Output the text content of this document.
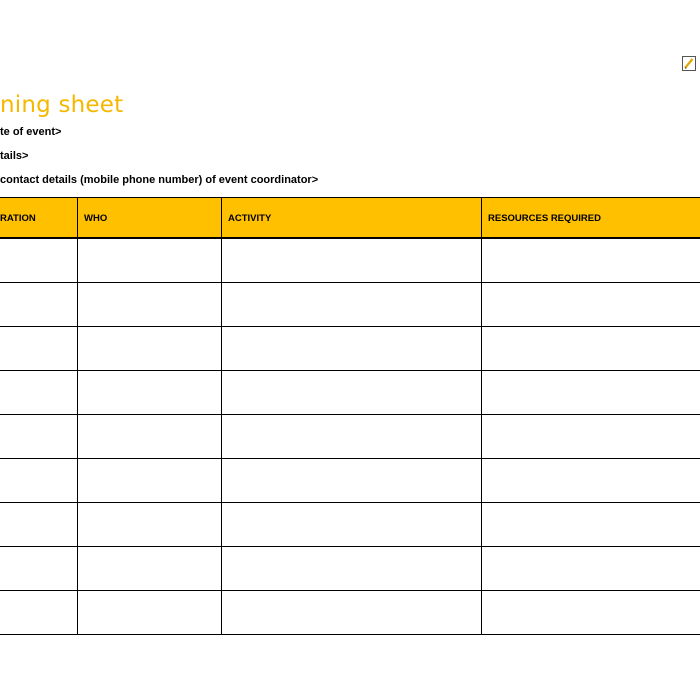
ning sheet
te of event>
tails>
contact details (mobile phone number) of event coordinator>
RATION	WHO	ACTIVITY	RESOURCES REQUIRED
